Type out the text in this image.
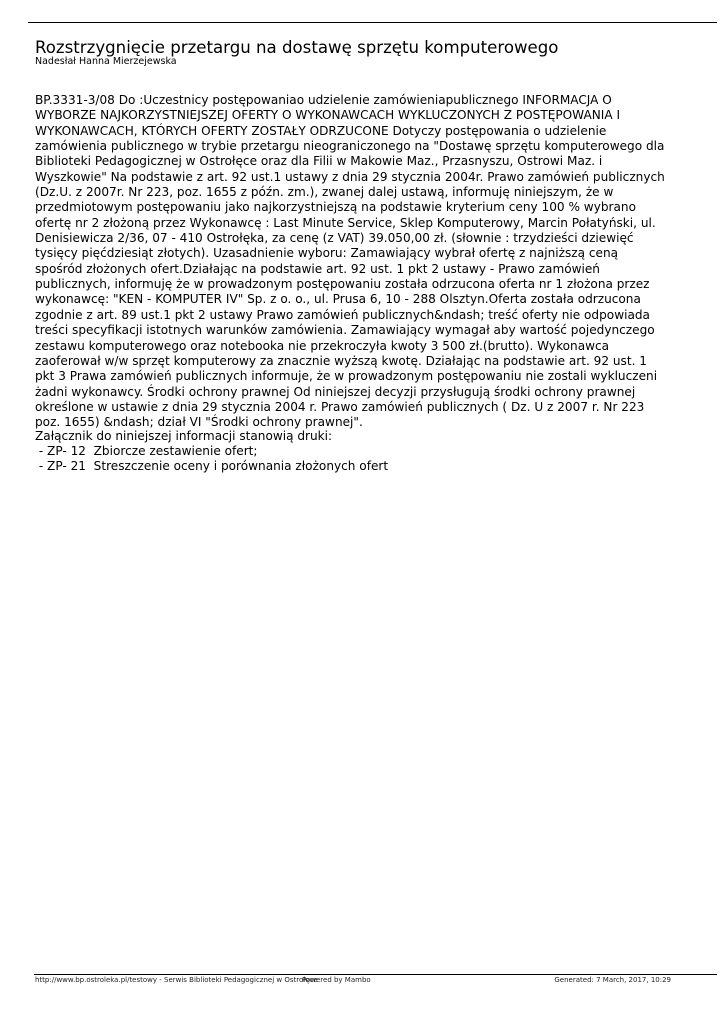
Rozstrzygnięcie przetargu na dostawę sprzętu komputerowego
Nadesłał Hanna Mierzejewska

BP.3331-3/08 Do :Uczestnicy postępowaniao udzielenie zamówieniapublicznego INFORMACJA O WYBORZE NAJKORZYSTNIEJSZEJ OFERTY O WYKONAWCACH WYKLUCZONYCH Z POSTĘPOWANIA I WYKONAWCACH, KTÓRYCH OFERTY ZOSTAŁY ODRZUCONE Dotyczy postępowania o udzielenie zamówienia publicznego w trybie przetargu nieograniczonego na "Dostawę sprzętu komputerowego dla Biblioteki Pedagogicznej w Ostrołęce oraz dla Filii w Makowie Maz., Przasnyszu, Ostrowi Maz. i Wyszkowie" Na podstawie z art. 92 ust.1 ustawy z dnia 29 stycznia 2004r. Prawo zamówień publicznych (Dz.U. z 2007r. Nr 223, poz. 1655 z późn. zm.), zwanej dalej ustawą, informuję niniejszym, że w przedmiotowym postępowaniu jako najkorzystniejszą na podstawie kryterium ceny 100 % wybrano ofertę nr 2 złożoną przez Wykonawcę : Last Minute Service, Sklep Komputerowy, Marcin Połatyński, ul. Denisiewicza 2/36, 07 - 410 Ostrołęka, za cenę (z VAT) 39.050,00 zł. (słownie : trzydzieści dziewięć tysięcy pięćdziesiąt złotych). Uzasadnienie wyboru: Zamawiający wybrał ofertę z najniższą ceną spośród złożonych ofert.Działając na podstawie art. 92 ust. 1 pkt 2 ustawy - Prawo zamówień publicznych, informuję że w prowadzonym postępowaniu została odrzucona oferta nr 1 złożona przez wykonawcę: "KEN - KOMPUTER IV" Sp. z o. o., ul. Prusa 6, 10 - 288 Olsztyn.Oferta została odrzucona zgodnie z art. 89 ust.1 pkt 2 ustawy Prawo zamówień publicznych&ndash; treść oferty nie odpowiada treści specyfikacji istotnych warunków zamówienia. Zamawiający wymagał aby wartość pojedynczego zestawu komputerowego oraz notebooka nie przekroczyła kwoty 3 500 zł.(brutto). Wykonawca zaoferował w/w sprzęt komputerowy za znacznie wyższą kwotę. Działając na podstawie art. 92 ust. 1 pkt 3 Prawa zamówień publicznych informuje, że w prowadzonym postępowaniu nie zostali wykluczeni żadni wykonawcy. Środki ochrony prawnej Od niniejszej decyzji przysługują środki ochrony prawnej określone w ustawie z dnia 29 stycznia 2004 r. Prawo zamówień publicznych ( Dz. U z 2007 r. Nr 223 poz. 1655) &ndash; dział VI "Środki ochrony prawnej".

Załącznik do niniejszej informacji stanowią druki:
- ZP- 12  Zbiorcze zestawienie ofert;
- ZP- 21  Streszczenie oceny i porównania złożonych ofert
http://www.bp.ostroleka.pl/testowy - Serwis Biblioteki Pedagogicznej w Ostrołęce
Powered by Mambo	Generated: 7 March, 2017, 10:29
